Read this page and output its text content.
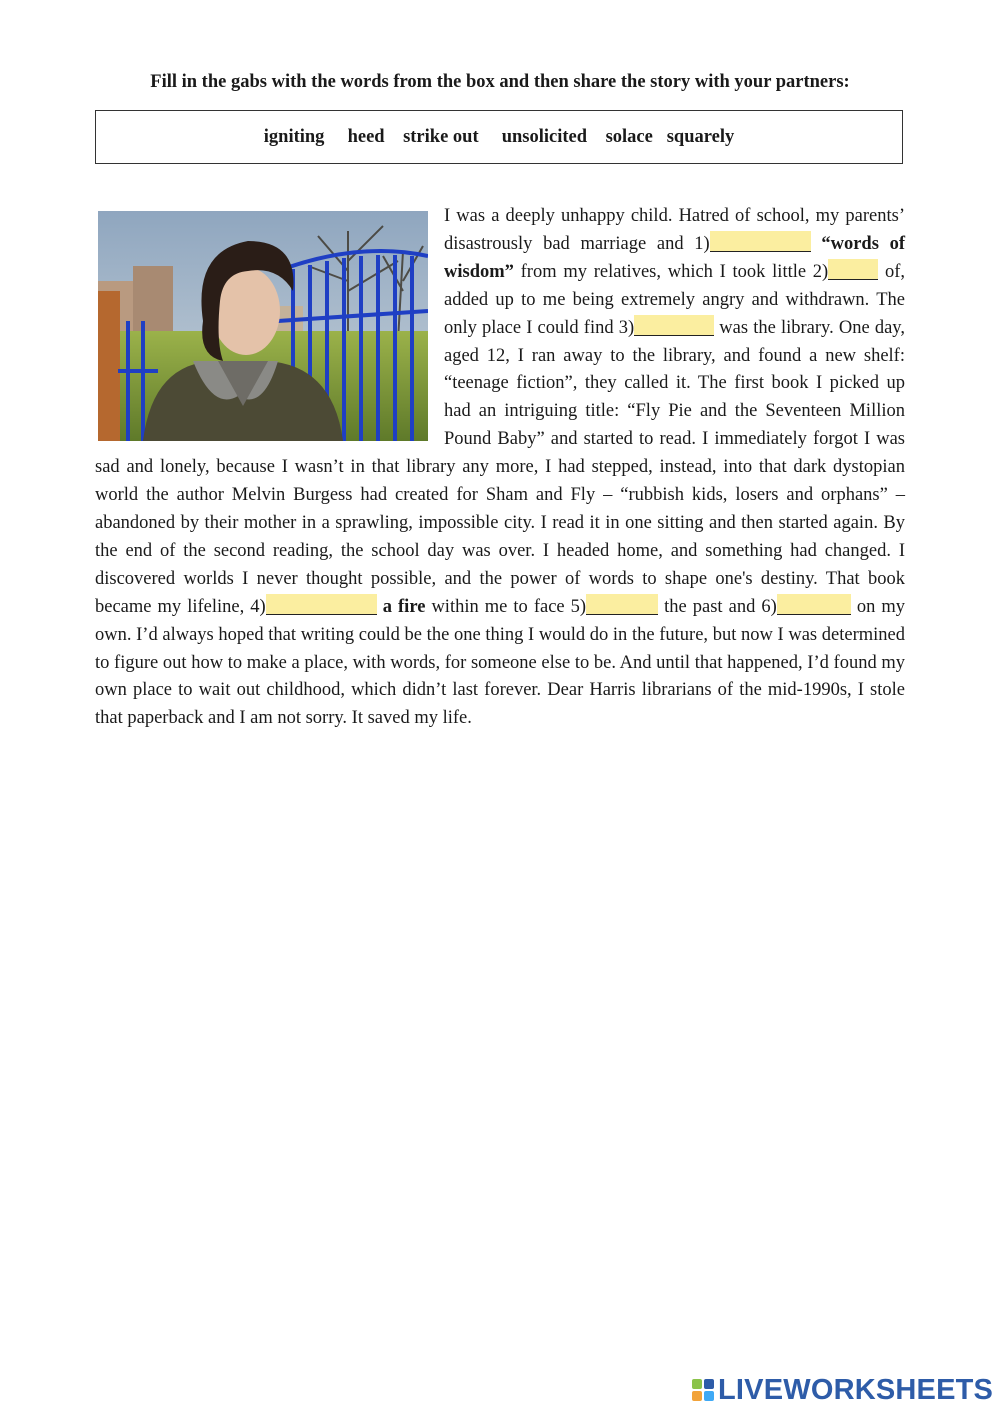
Fill in the gabs with the words from the box and then share the story with your partners:
igniting
heed
strike out
unsolicited
solace
squarely
I was a deeply unhappy child. Hatred of school, my parents’ disastrously bad marriage and 1)	“words of wisdom” from my relatives, which I took little 2)	of, added up to me being extremely angry and withdrawn. The only place I could find 3)	was the library. One day, aged 12, I ran away to the library, and found a new shelf: “teenage fiction”, they called it. The first book I picked up had an intriguing title: “Fly Pie and the Seventeen Million Pound Baby” and started to read. I immediately forgot I was sad and lonely, because I wasn’t in that library any more, I had stepped, instead, into that dark dystopian world the author Melvin Burgess had created for Sham and Fly – “rubbish kids, losers and orphans” – abandoned by their mother in a sprawling, impossible city. I read it in one sitting and then started again. By the end of the second reading, the school day was over. I headed home, and something had changed. I discovered worlds I never thought possible, and the power of words to shape one's destiny. That book became my lifeline, 4)	a fire within me to face 5)	the past and 6)	on my own. I’d always hoped that writing could be the one thing I would do in the future, but now I was determined to figure out how to make a place, with words, for someone else to be. And until that happened, I’d found my own place to wait out childhood, which didn’t last forever. Dear Harris librarians of the mid-1990s, I stole that paperback and I am not sorry. It saved my life.
LIVEWORKSHEETS
